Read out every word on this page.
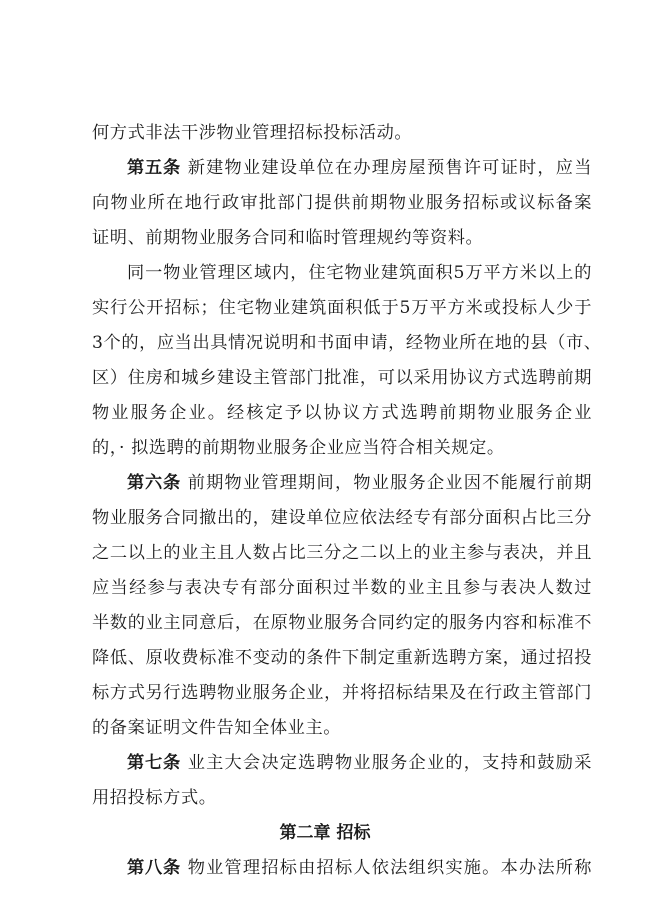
何方式非法干涉物业管理招标投标活动。
第五条 新建物业建设单位在办理房屋预售许可证时，应当
向物业所在地行政审批部门提供前期物业服务招标或议标备案
证明、前期物业服务合同和临时管理规约等资料。
同一物业管理区域内，住宅物业建筑面积5万平方米以上的
实行公开招标；住宅物业建筑面积低于5万平方米或投标人少于
3个的，应当出具情况说明和书面申请，经物业所在地的县（市、
区）住房和城乡建设主管部门批准，可以采用协议方式选聘前期
物业服务企业。经核定予以协议方式选聘前期物业服务企业
的，· 拟选聘的前期物业服务企业应当符合相关规定。
第六条 前期物业管理期间，物业服务企业因不能履行前期
物业服务合同撤出的，建设单位应依法经专有部分面积占比三分
之二以上的业主且人数占比三分之二以上的业主参与表决，并且
应当经参与表决专有部分面积过半数的业主且参与表决人数过
半数的业主同意后，在原物业服务合同约定的服务内容和标准不
降低、原收费标准不变动的条件下制定重新选聘方案，通过招投
标方式另行选聘物业服务企业，并将招标结果及在行政主管部门
的备案证明文件告知全体业主。
第七条 业主大会决定选聘物业服务企业的，支持和鼓励采
用招投标方式。
第二章 招标
第八条 物业管理招标由招标人依法组织实施。本办法所称
